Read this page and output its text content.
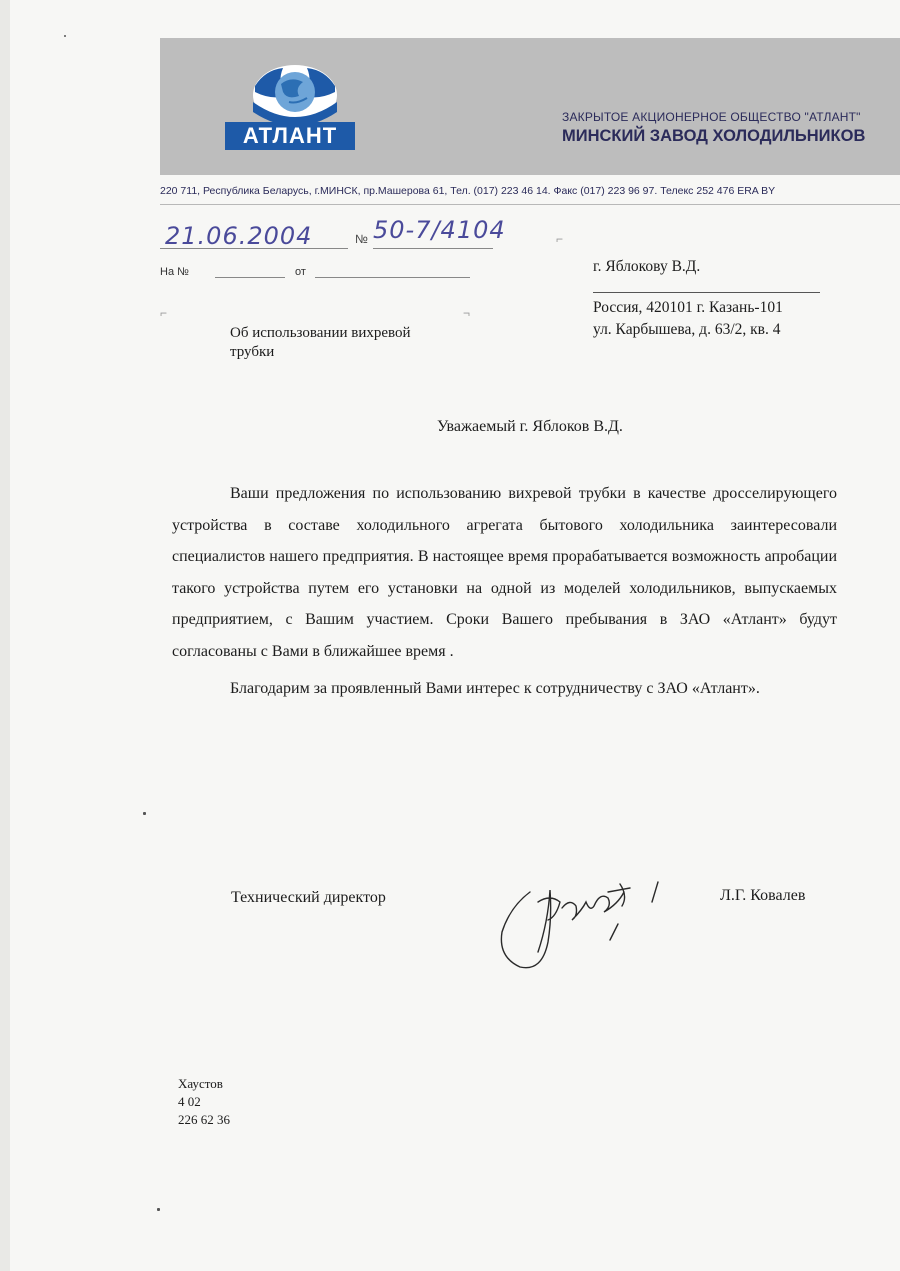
АТЛАНТ
ЗАКРЫТОЕ АКЦИОНЕРНОЕ ОБЩЕСТВО "АТЛАНТ"
МИНСКИЙ ЗАВОД ХОЛОДИЛЬНИКОВ
220 711, Республика Беларусь, г.МИНСК, пр.Машерова 61, Тел. (017) 223 46 14. Факс (017) 223 96 97. Телекс 252 476 ERA BY
21.06.2004	№ 50-7/4104
На №	от
⌐
⌐	¬
г. Яблокову В.Д.
Россия, 420101 г. Казань-101
ул. Карбышева, д. 63/2, кв. 4
Об использовании вихревой
трубки
Уважаемый г. Яблоков В.Д.

Ваши предложения по использованию вихревой трубки в качестве дросселирующего устройства в составе холодильного агрегата бытового холодильника заинтересовали специалистов нашего предприятия. В настоящее время прорабатывается возможность апробации такого устройства путем его установки на одной из моделей холодильников, выпускаемых предприятием, с Вашим участием. Сроки Вашего пребывания в ЗАО «Атлант» будут согласованы с Вами в ближайшее время .

Благодарим за проявленный Вами интерес к сотрудничеству с ЗАО «Атлант».

Технический директор	Л.Г. Ковалев
Хаустов
4 02
226 62 36
